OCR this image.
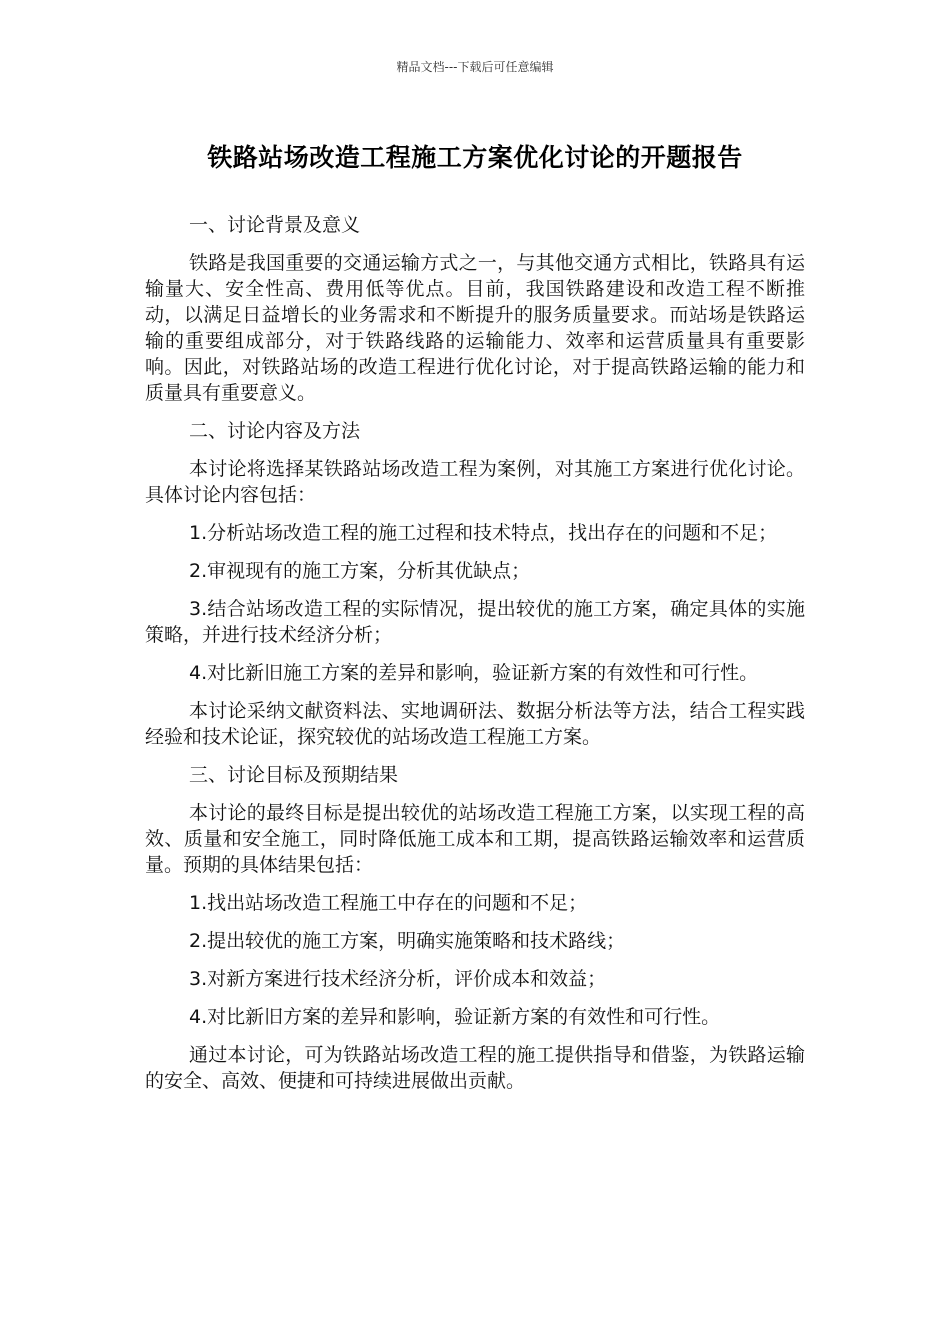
精品文档---下载后可任意编辑
铁路站场改造工程施工方案优化讨论的开题报告

一、讨论背景及意义

铁路是我国重要的交通运输方式之一，与其他交通方式相比，铁路具有运输量大、安全性高、费用低等优点。目前，我国铁路建设和改造工程不断推动，以满足日益增长的业务需求和不断提升的服务质量要求。而站场是铁路运输的重要组成部分，对于铁路线路的运输能力、效率和运营质量具有重要影响。因此，对铁路站场的改造工程进行优化讨论，对于提高铁路运输的能力和质量具有重要意义。

二、讨论内容及方法

本讨论将选择某铁路站场改造工程为案例，对其施工方案进行优化讨论。具体讨论内容包括：

1.分析站场改造工程的施工过程和技术特点，找出存在的问题和不足；

2.审视现有的施工方案，分析其优缺点；

3.结合站场改造工程的实际情况，提出较优的施工方案，确定具体的实施策略，并进行技术经济分析；

4.对比新旧施工方案的差异和影响，验证新方案的有效性和可行性。

本讨论采纳文献资料法、实地调研法、数据分析法等方法，结合工程实践经验和技术论证，探究较优的站场改造工程施工方案。

三、讨论目标及预期结果

本讨论的最终目标是提出较优的站场改造工程施工方案，以实现工程的高效、质量和安全施工，同时降低施工成本和工期，提高铁路运输效率和运营质量。预期的具体结果包括：

1.找出站场改造工程施工中存在的问题和不足；

2.提出较优的施工方案，明确实施策略和技术路线；

3.对新方案进行技术经济分析，评价成本和效益；

4.对比新旧方案的差异和影响，验证新方案的有效性和可行性。

通过本讨论，可为铁路站场改造工程的施工提供指导和借鉴，为铁路运输的安全、高效、便捷和可持续进展做出贡献。
